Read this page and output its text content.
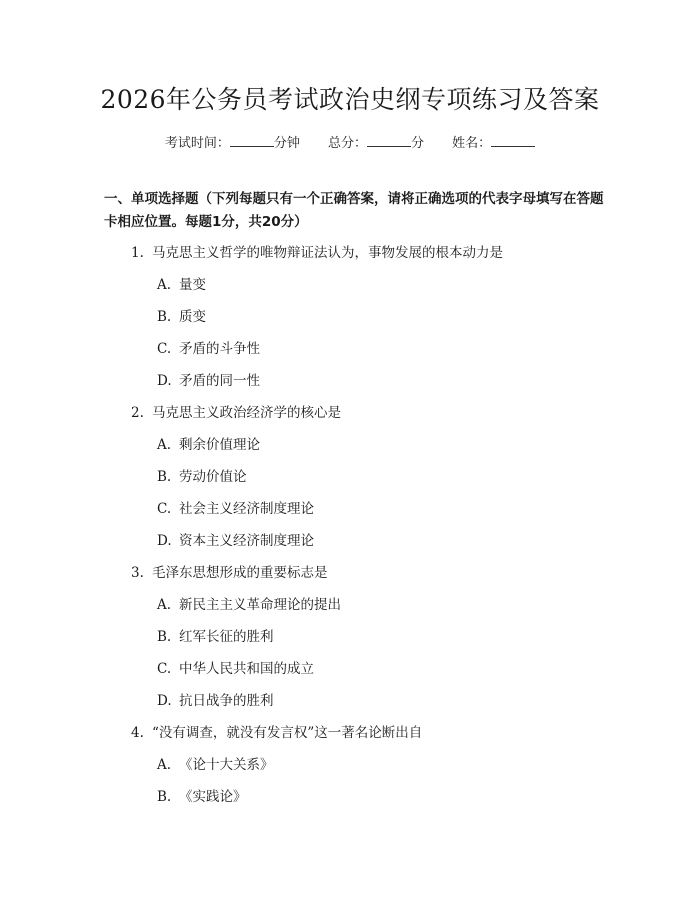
2026年公务员考试政治史纲专项练习及答案
考试时间：	分钟 总分：	分 姓名：

一、单项选择题（下列每题只有一个正确答案，请将正确选项的代表字母填写在答题卡相应位置。每题1分，共20分）

1. 马克思主义哲学的唯物辩证法认为，事物发展的根本动力是
A. 量变
B. 质变
C. 矛盾的斗争性
D. 矛盾的同一性
2. 马克思主义政治经济学的核心是
A. 剩余价值理论
B. 劳动价值论
C. 社会主义经济制度理论
D. 资本主义经济制度理论
3. 毛泽东思想形成的重要标志是
A. 新民主主义革命理论的提出
B. 红军长征的胜利
C. 中华人民共和国的成立
D. 抗日战争的胜利
4. “没有调查，就没有发言权”这一著名论断出自
A. 《论十大关系》
B. 《实践论》
